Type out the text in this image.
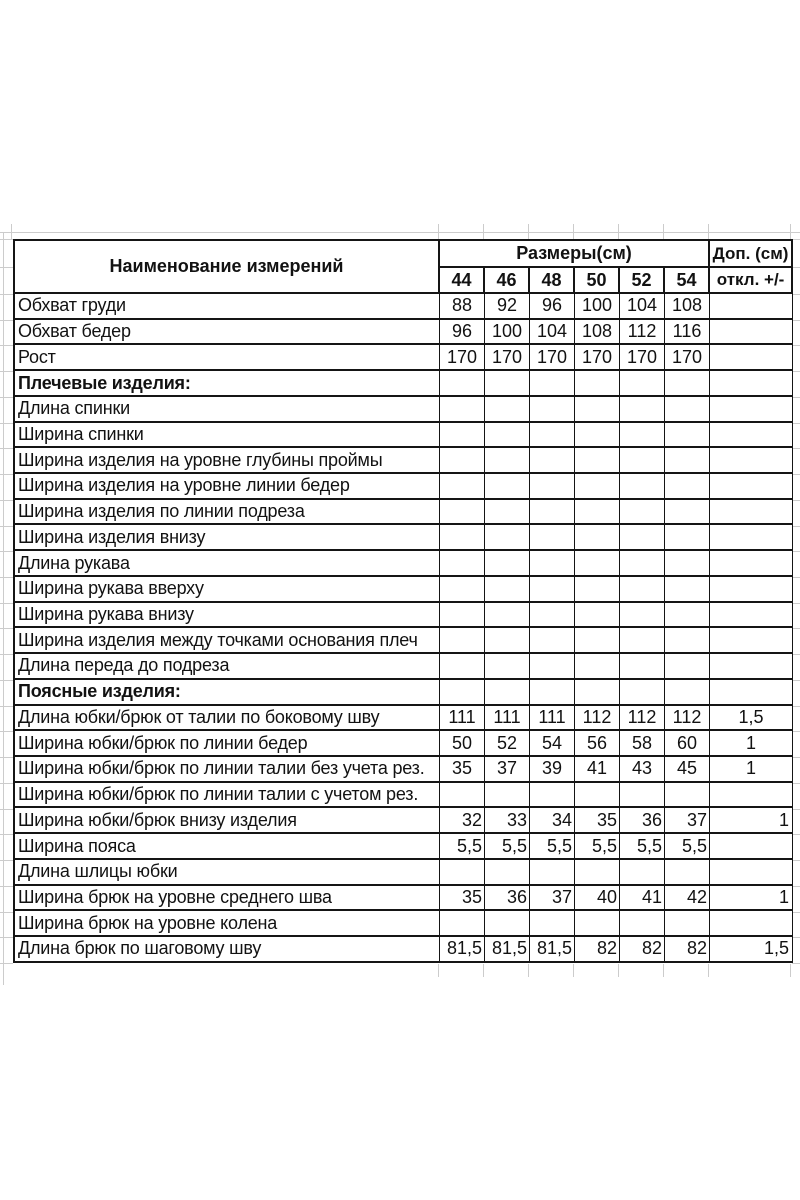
Наименование измерений	Размеры(см)						Доп. (см)
	44	46	48	50	52	54	откл. +/-
Обхват груди	88	92	96	100	104	108	
Обхват бедер	96	100	104	108	112	116	
Рост	170	170	170	170	170	170	
Плечевые изделия:							
Длина спинки							
Ширина спинки							
Ширина изделия на уровне глубины проймы							
Ширина изделия на уровне линии бедер							
Ширина изделия по линии подреза							
Ширина изделия внизу							
Длина рукава							
Ширина рукава вверху							
Ширина рукава внизу							
Ширина изделия между точками основания плеч							
Длина переда до подреза							
Поясные изделия:							
Длина юбки/брюк от талии по боковому шву	111	111	111	112	112	112	1,5
Ширина юбки/брюк по линии бедер	50	52	54	56	58	60	1
Ширина юбки/брюк по линии талии без учета рез.	35	37	39	41	43	45	1
Ширина юбки/брюк по линии талии с учетом рез.							
Ширина юбки/брюк внизу изделия	32	33	34	35	36	37	1
Ширина пояса	5,5	5,5	5,5	5,5	5,5	5,5	
Длина шлицы юбки							
Ширина брюк на уровне среднего шва	35	36	37	40	41	42	1
Ширина брюк на уровне колена							
Длина брюк по шаговому шву	81,5	81,5	81,5	82	82	82	1,5
